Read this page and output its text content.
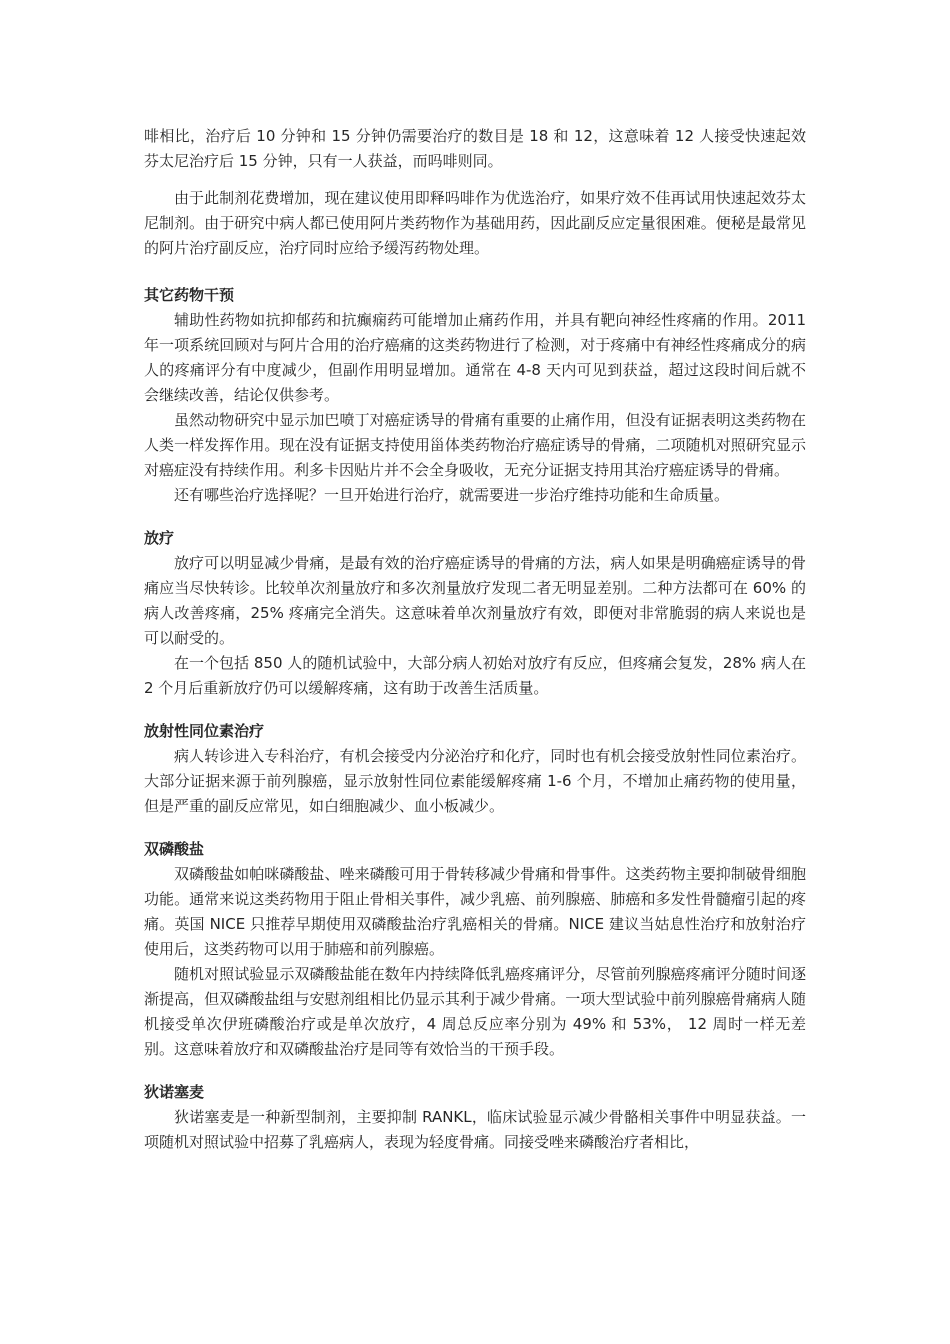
啡相比，治疗后 10 分钟和 15 分钟仍需要治疗的数目是 18 和 12，这意味着 12 人接受快速起效芬太尼治疗后 15 分钟，只有一人获益，而吗啡则同。

由于此制剂花费增加，现在建议使用即释吗啡作为优选治疗，如果疗效不佳再试用快速起效芬太尼制剂。由于研究中病人都已使用阿片类药物作为基础用药，因此副反应定量很困难。便秘是最常见的阿片治疗副反应，治疗同时应给予缓泻药物处理。

其它药物干预

辅助性药物如抗抑郁药和抗癫痫药可能增加止痛药作用，并具有靶向神经性疼痛的作用。2011 年一项系统回顾对与阿片合用的治疗癌痛的这类药物进行了检测，对于疼痛中有神经性疼痛成分的病人的疼痛评分有中度减少，但副作用明显增加。通常在 4-8 天内可见到获益，超过这段时间后就不会继续改善，结论仅供参考。

虽然动物研究中显示加巴喷丁对癌症诱导的骨痛有重要的止痛作用，但没有证据表明这类药物在人类一样发挥作用。现在没有证据支持使用甾体类药物治疗癌症诱导的骨痛，二项随机对照研究显示对癌症没有持续作用。利多卡因贴片并不会全身吸收，无充分证据支持用其治疗癌症诱导的骨痛。

还有哪些治疗选择呢？一旦开始进行治疗，就需要进一步治疗维持功能和生命质量。

放疗

放疗可以明显减少骨痛，是最有效的治疗癌症诱导的骨痛的方法，病人如果是明确癌症诱导的骨痛应当尽快转诊。比较单次剂量放疗和多次剂量放疗发现二者无明显差别。二种方法都可在 60% 的病人改善疼痛，25% 疼痛完全消失。这意味着单次剂量放疗有效，即便对非常脆弱的病人来说也是可以耐受的。

在一个包括 850 人的随机试验中，大部分病人初始对放疗有反应，但疼痛会复发，28% 病人在 2 个月后重新放疗仍可以缓解疼痛，这有助于改善生活质量。

放射性同位素治疗

病人转诊进入专科治疗，有机会接受内分泌治疗和化疗，同时也有机会接受放射性同位素治疗。大部分证据来源于前列腺癌，显示放射性同位素能缓解疼痛 1-6 个月，不增加止痛药物的使用量，但是严重的副反应常见，如白细胞减少、血小板减少。

双磷酸盐

双磷酸盐如帕咪磷酸盐、唑来磷酸可用于骨转移减少骨痛和骨事件。这类药物主要抑制破骨细胞功能。通常来说这类药物用于阻止骨相关事件，减少乳癌、前列腺癌、肺癌和多发性骨髓瘤引起的疼痛。英国 NICE 只推荐早期使用双磷酸盐治疗乳癌相关的骨痛。NICE 建议当姑息性治疗和放射治疗使用后，这类药物可以用于肺癌和前列腺癌。

随机对照试验显示双磷酸盐能在数年内持续降低乳癌疼痛评分，尽管前列腺癌疼痛评分随时间逐渐提高，但双磷酸盐组与安慰剂组相比仍显示其利于减少骨痛。一项大型试验中前列腺癌骨痛病人随机接受单次伊班磷酸治疗或是单次放疗，4 周总反应率分别为 49% 和 53%， 12 周时一样无差别。这意味着放疗和双磷酸盐治疗是同等有效恰当的干预手段。

狄诺塞麦

狄诺塞麦是一种新型制剂，主要抑制 RANKL，临床试验显示减少骨骼相关事件中明显获益。一项随机对照试验中招募了乳癌病人，表现为轻度骨痛。同接受唑来磷酸治疗者相比，
